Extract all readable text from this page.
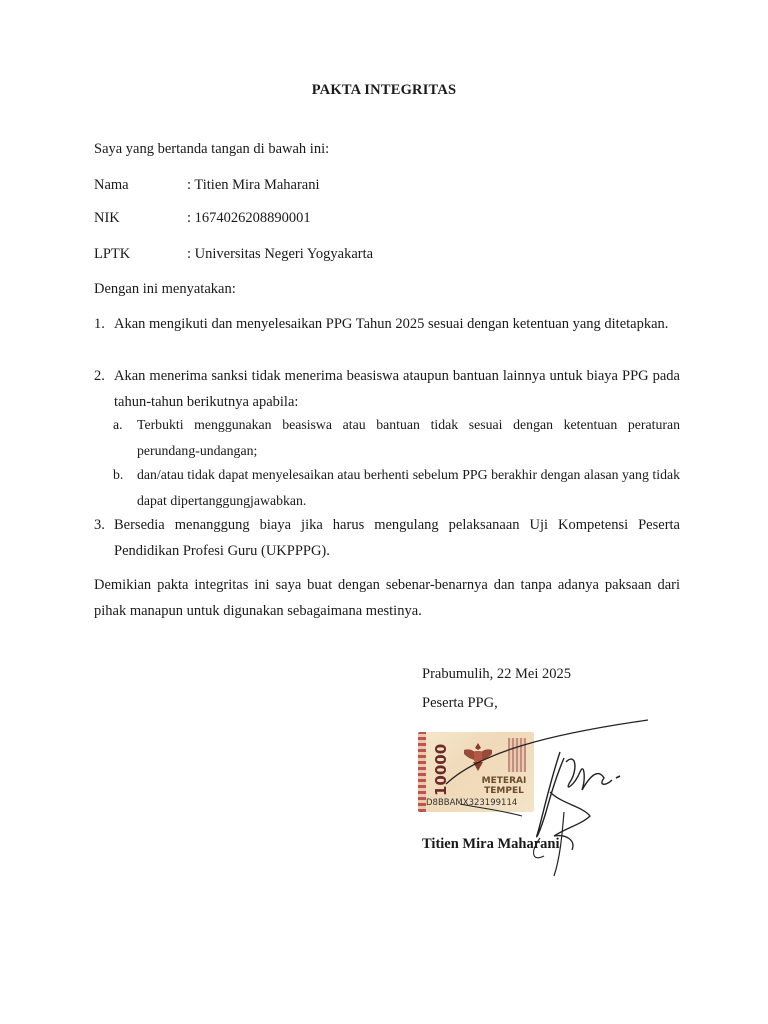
PAKTA INTEGRITAS
Saya yang bertanda tangan di bawah ini:
Nama	: Titien Mira Maharani
NIK	: 1674026208890001
LPTK	: Universitas Negeri Yogyakarta
Dengan ini menyatakan:
1. Akan mengikuti dan menyelesaikan PPG Tahun 2025 sesuai dengan ketentuan yang ditetapkan.
2. Akan menerima sanksi tidak menerima beasiswa ataupun bantuan lainnya untuk biaya PPG pada tahun-tahun berikutnya apabila:
a. Terbukti menggunakan beasiswa atau bantuan tidak sesuai dengan ketentuan peraturan perundang-undangan;
b. dan/atau tidak dapat menyelesaikan atau berhenti sebelum PPG berakhir dengan alasan yang tidak dapat dipertanggungjawabkan.
3. Bersedia menanggung biaya jika harus mengulang pelaksanaan Uji Kompetensi Peserta Pendidikan Profesi Guru (UKPPPG).
Demikian pakta integritas ini saya buat dengan sebenar-benarnya dan tanpa adanya paksaan dari pihak manapun untuk digunakan sebagaimana mestinya.
Prabumulih, 22 Mei 2025
Peserta PPG,
10000	METERAI TEMPEL
D8BBAMX323199114
Titien Mira Maharani
